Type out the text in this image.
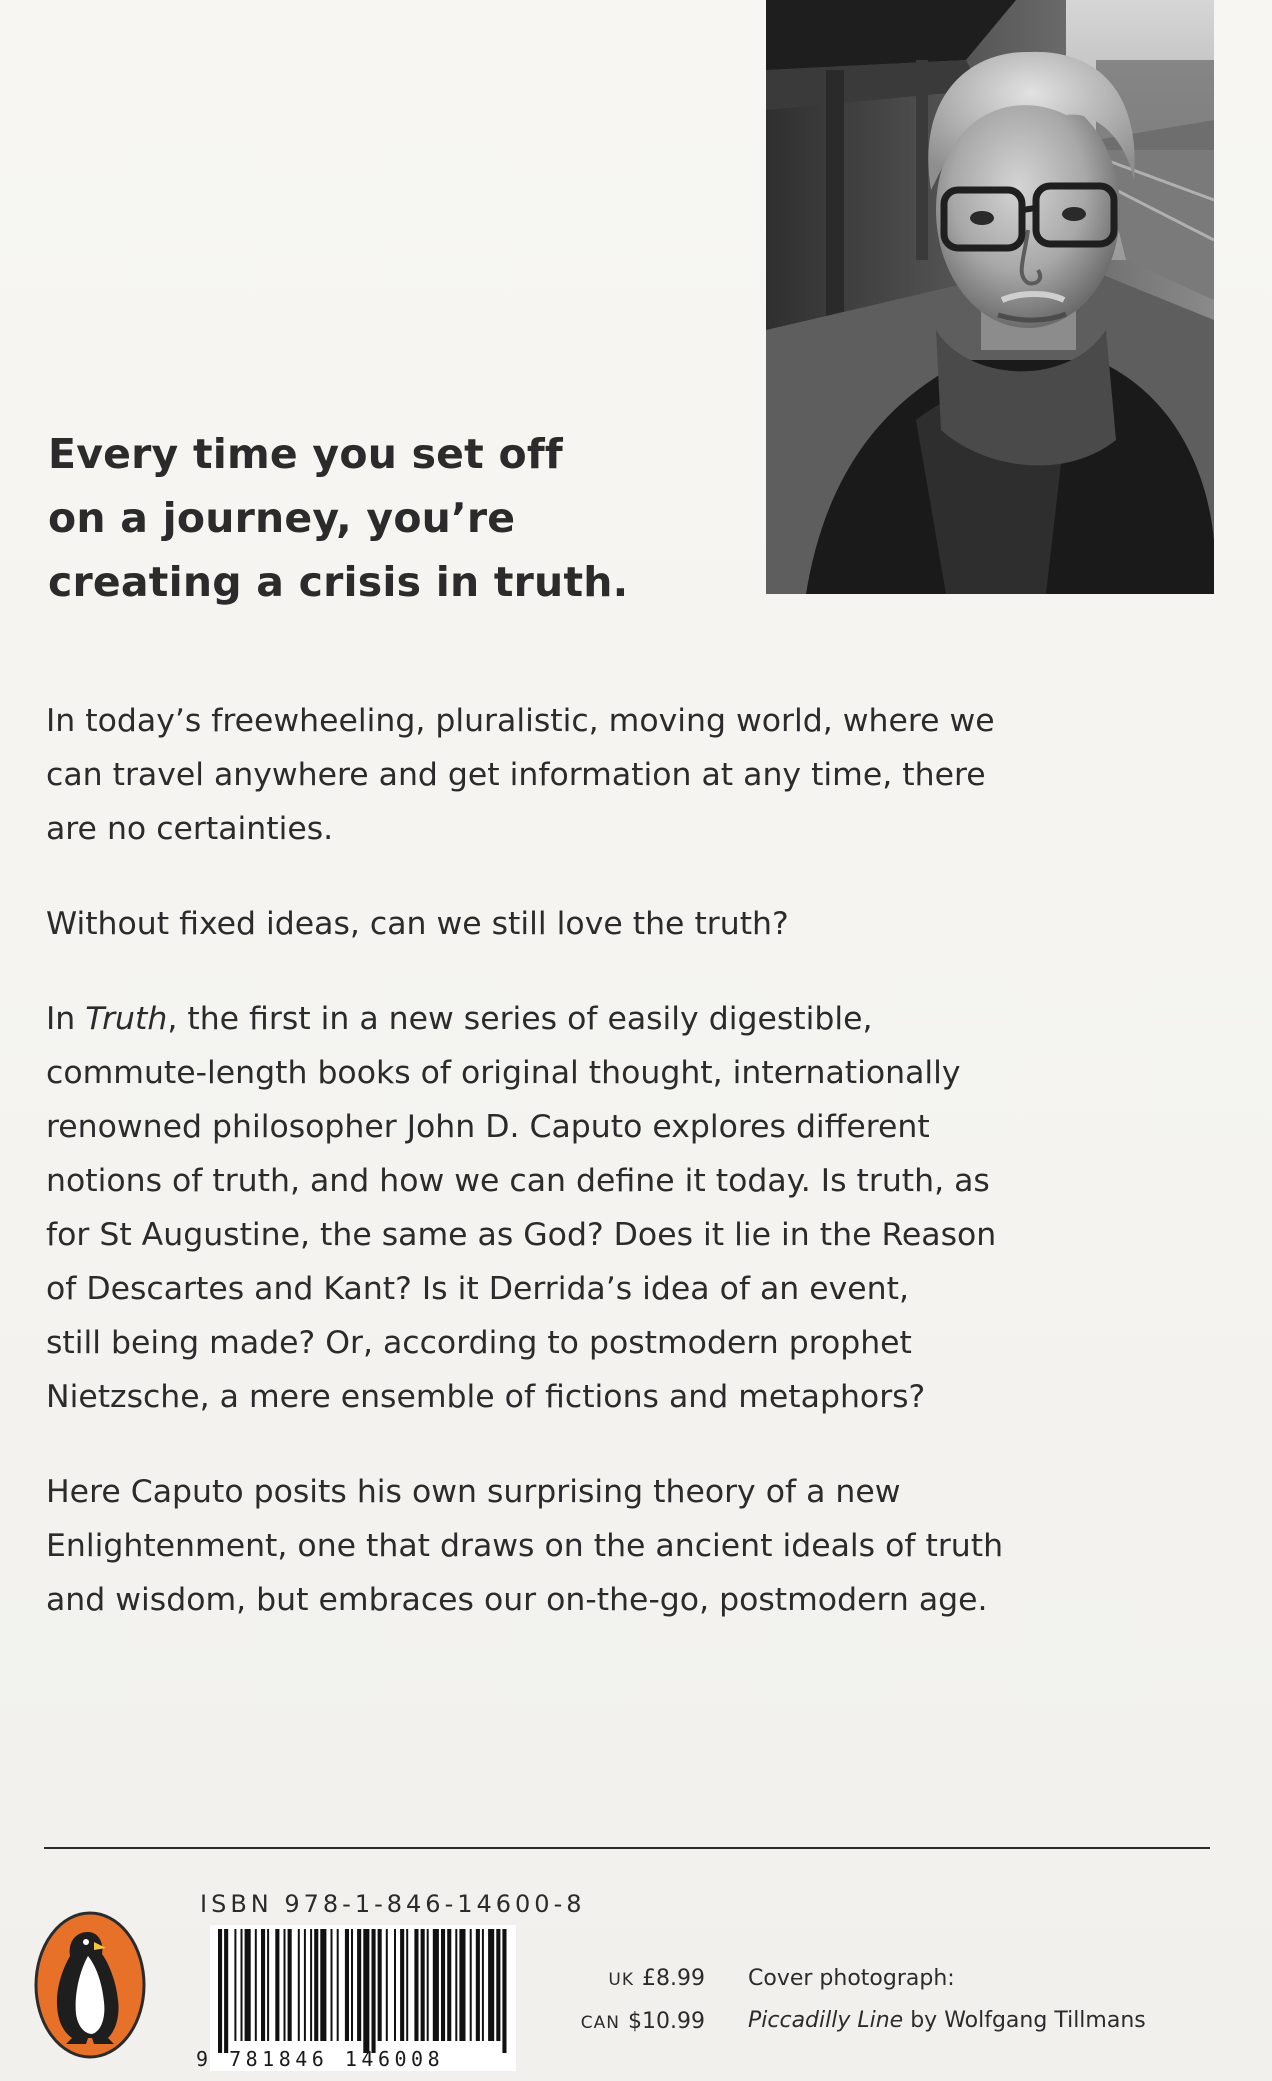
Every time you set off
on a journey, you’re
creating a crisis in truth.
In today’s freewheeling, pluralistic, moving world, where we
can travel anywhere and get information at any time, there
are no certainties.
Without fixed ideas, can we still love the truth?
In Truth, the first in a new series of easily digestible,
commute-length books of original thought, internationally
renowned philosopher John D. Caputo explores different
notions of truth, and how we can define it today. Is truth, as
for St Augustine, the same as God? Does it lie in the Reason
of Descartes and Kant? Is it Derrida’s idea of an event,
still being made? Or, according to postmodern prophet
Nietzsche, a mere ensemble of fictions and metaphors?
Here Caputo posits his own surprising theory of a new
Enlightenment, one that draws on the ancient ideals of truth
and wisdom, but embraces our on-the-go, postmodern age.
ISBN 978-1-846-14600-8
9 781846 146008
UK £8.99
CAN $10.99
Cover photograph:
Piccadilly Line by Wolfgang Tillmans
